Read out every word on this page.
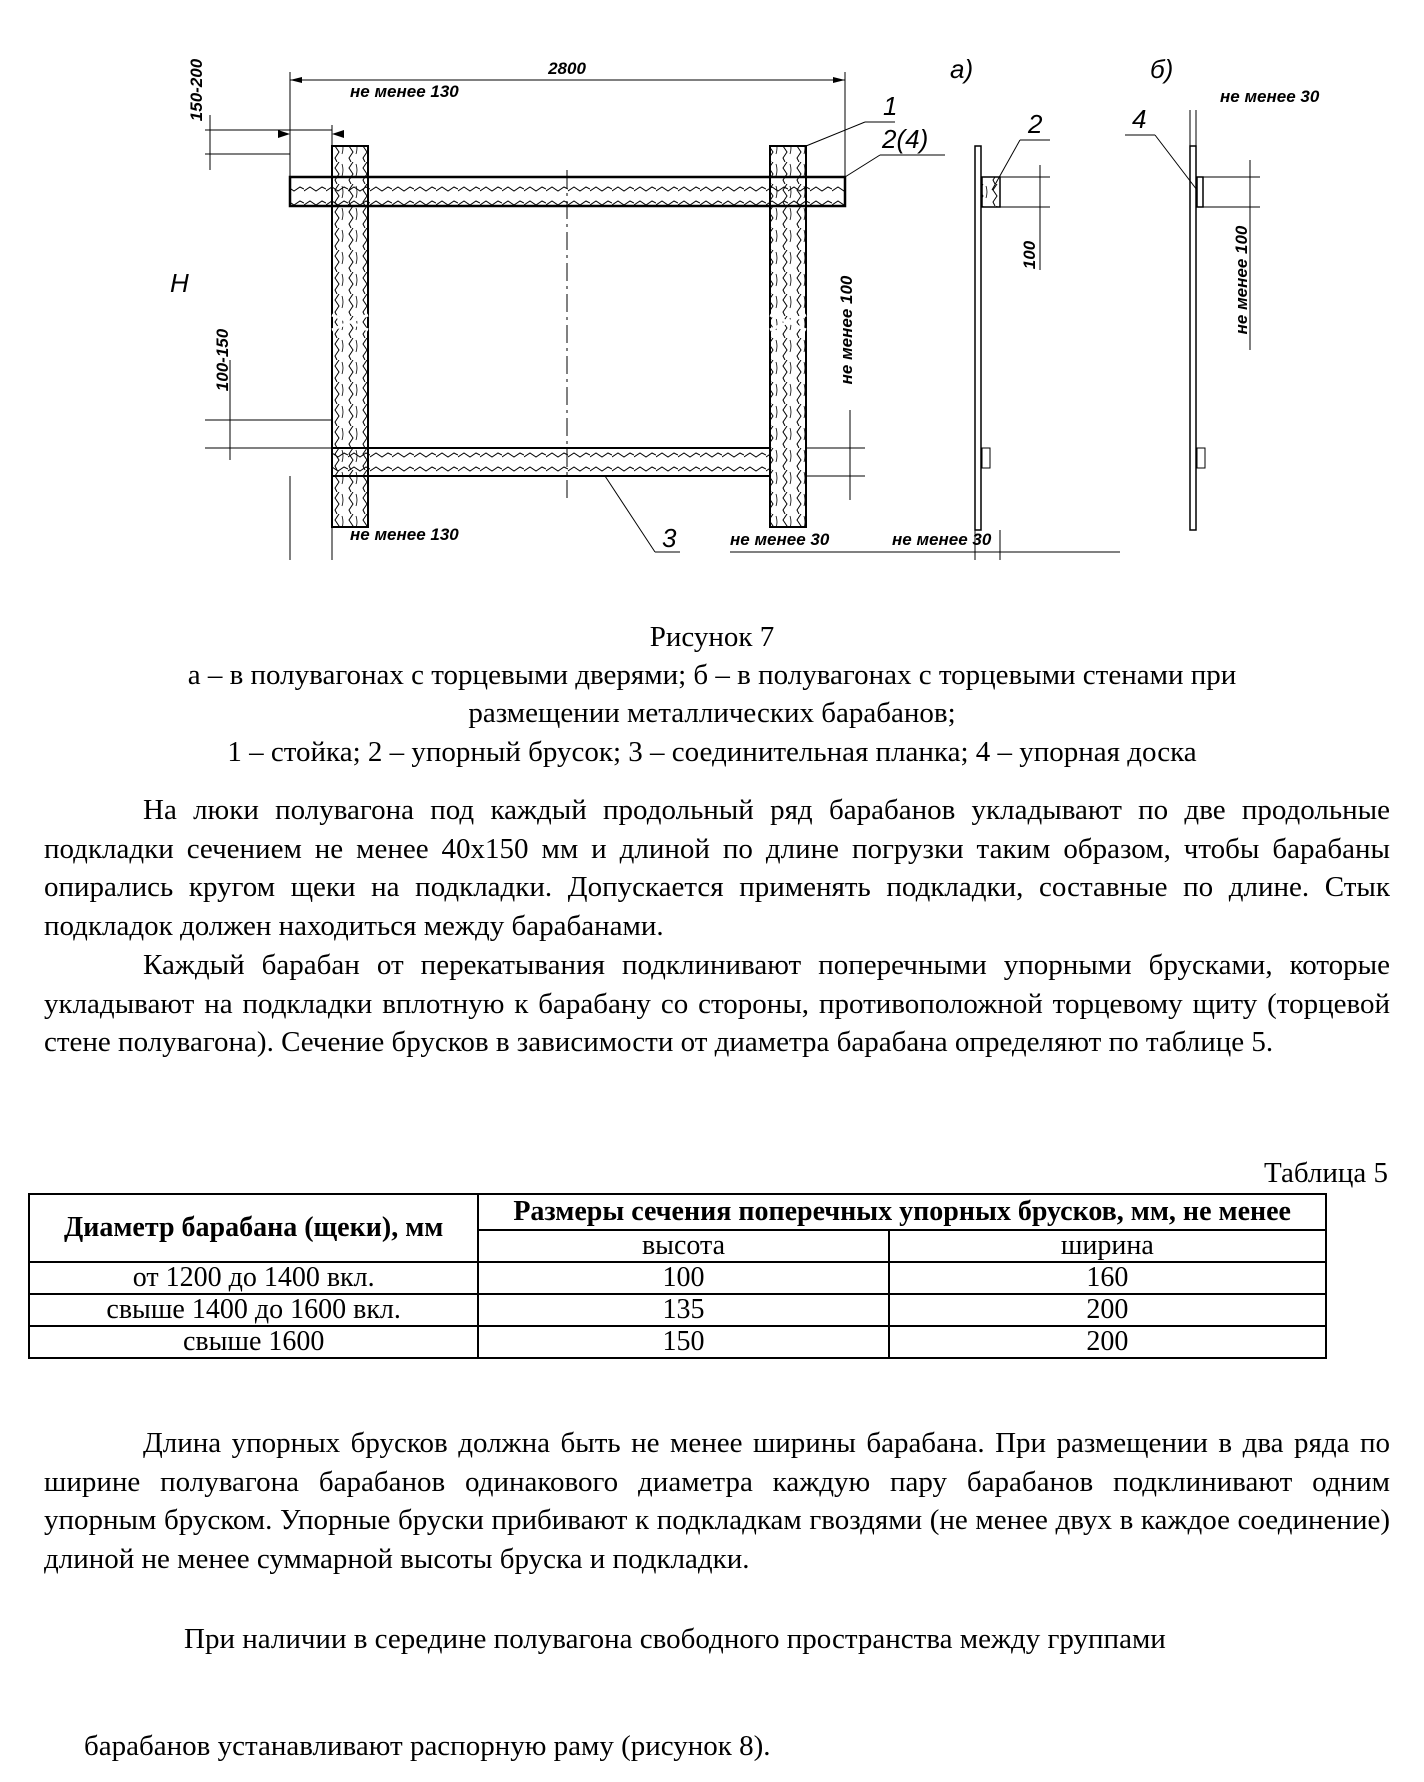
2800
не менее 130
150-200
100-150
H	не менее 100
не менее 130
1
2(4)
3
а)
100
2
не менее 30	не менее 30
б)
не менее 100
не менее 30
4
Рисунок 7
а – в полувагонах с торцевыми дверями; б – в полувагонах с торцевыми стенами при
размещении металлических барабанов;
1 – стойка; 2 – упорный брусок; 3 – соединительная планка; 4 – упорная доска

На люки полувагона под каждый продольный ряд барабанов укладывают по две продольные подкладки сечением не менее 40х150 мм и длиной по длине погрузки таким образом, чтобы барабаны опирались кругом щеки на подкладки. Допускается применять подкладки, составные по длине. Стык подкладок должен находиться между барабанами.

Каждый барабан от перекатывания подклинивают поперечными упорными брусками, которые укладывают на подкладки вплотную к барабану со стороны, противоположной торцевому щиту (торцевой стене полувагона). Сечение брусков в зависимости от диаметра барабана определяют по таблице 5.

Таблица 5
Диаметр барабана (щеки), мм	Размеры сечения поперечных упорных брусков, мм, не менее	
	высота	ширина
от 1200 до 1400 вкл.	100	160
свыше 1400 до 1600 вкл.	135	200
свыше 1600	150	200

Длина упорных брусков должна быть не менее ширины барабана. При размещении в два ряда по ширине полувагона барабанов одинакового диаметра каждую пару барабанов подклинивают одним упорным бруском. Упорные бруски прибивают к подкладкам гвоздями (не менее двух в каждое соединение) длиной не менее суммарной высоты бруска и подкладки.

При наличии в середине полувагона свободного пространства между группами

барабанов устанавливают распорную раму (рисунок 8).
